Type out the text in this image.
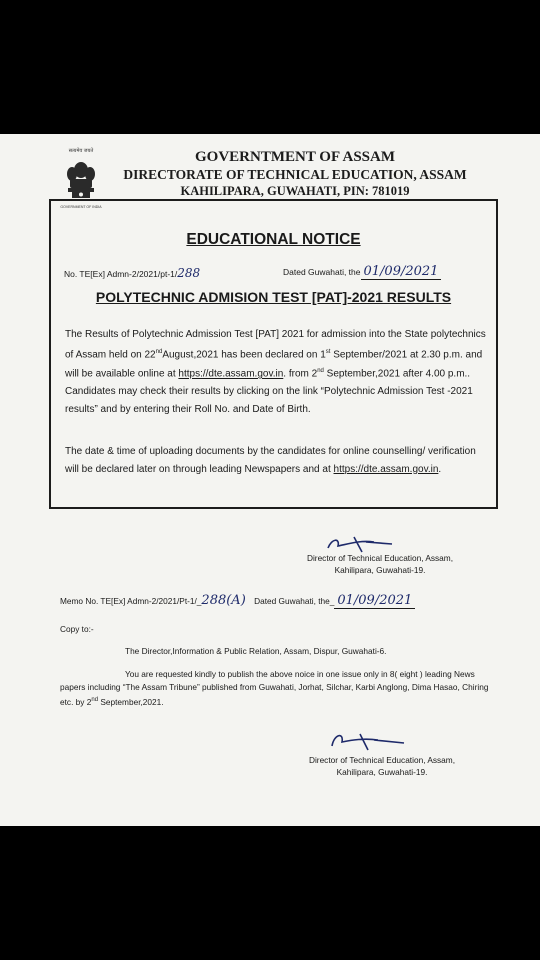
सत्यमेव जयते
GOVERNMENT OF INDIA
GOVERNTMENT OF ASSAM
DIRECTORATE OF TECHNICAL EDUCATION, ASSAM
KAHILIPARA, GUWAHATI, PIN: 781019
EDUCATIONAL NOTICE
No. TE[Ex] Admn-2/2021/pt-1/288	Dated Guwahati, the 01/09/2021
POLYTECHNIC ADMISION TEST [PAT]-2021 RESULTS
The Results of Polytechnic Admission Test [PAT] 2021 for admission into the State polytechnics of Assam held on 22ndAugust,2021 has been declared on 1st September/2021 at 2.30 p.m. and will be available online at https://dte.assam.gov.in. from 2nd September,2021 after 4.00 p.m.. Candidates may check their results by clicking on the link “Polytechnic Admission Test -2021 results” and by entering their Roll No. and Date of Birth.
The date & time of uploading documents by the candidates for online counselling/ verification will be declared later on through leading Newspapers and at https://dte.assam.gov.in.
Director of Technical Education, Assam,
Kahilipara, Guwahati-19.
Memo No. TE[Ex] Admn-2/2021/Pt-1/_288(A) Dated Guwahati, the_ 01/09/2021
Copy to:-
The Director,Information & Public Relation, Assam, Dispur, Guwahati-6.
You are requested kindly to publish the above noice in one issue only in 8( eight ) leading News papers including “The Assam Tribune” published from Guwahati, Jorhat, Silchar, Karbi Anglong, Dima Hasao, Chiring etc. by 2nd September,2021.
Director of Technical Education, Assam,
Kahilipara, Guwahati-19.
